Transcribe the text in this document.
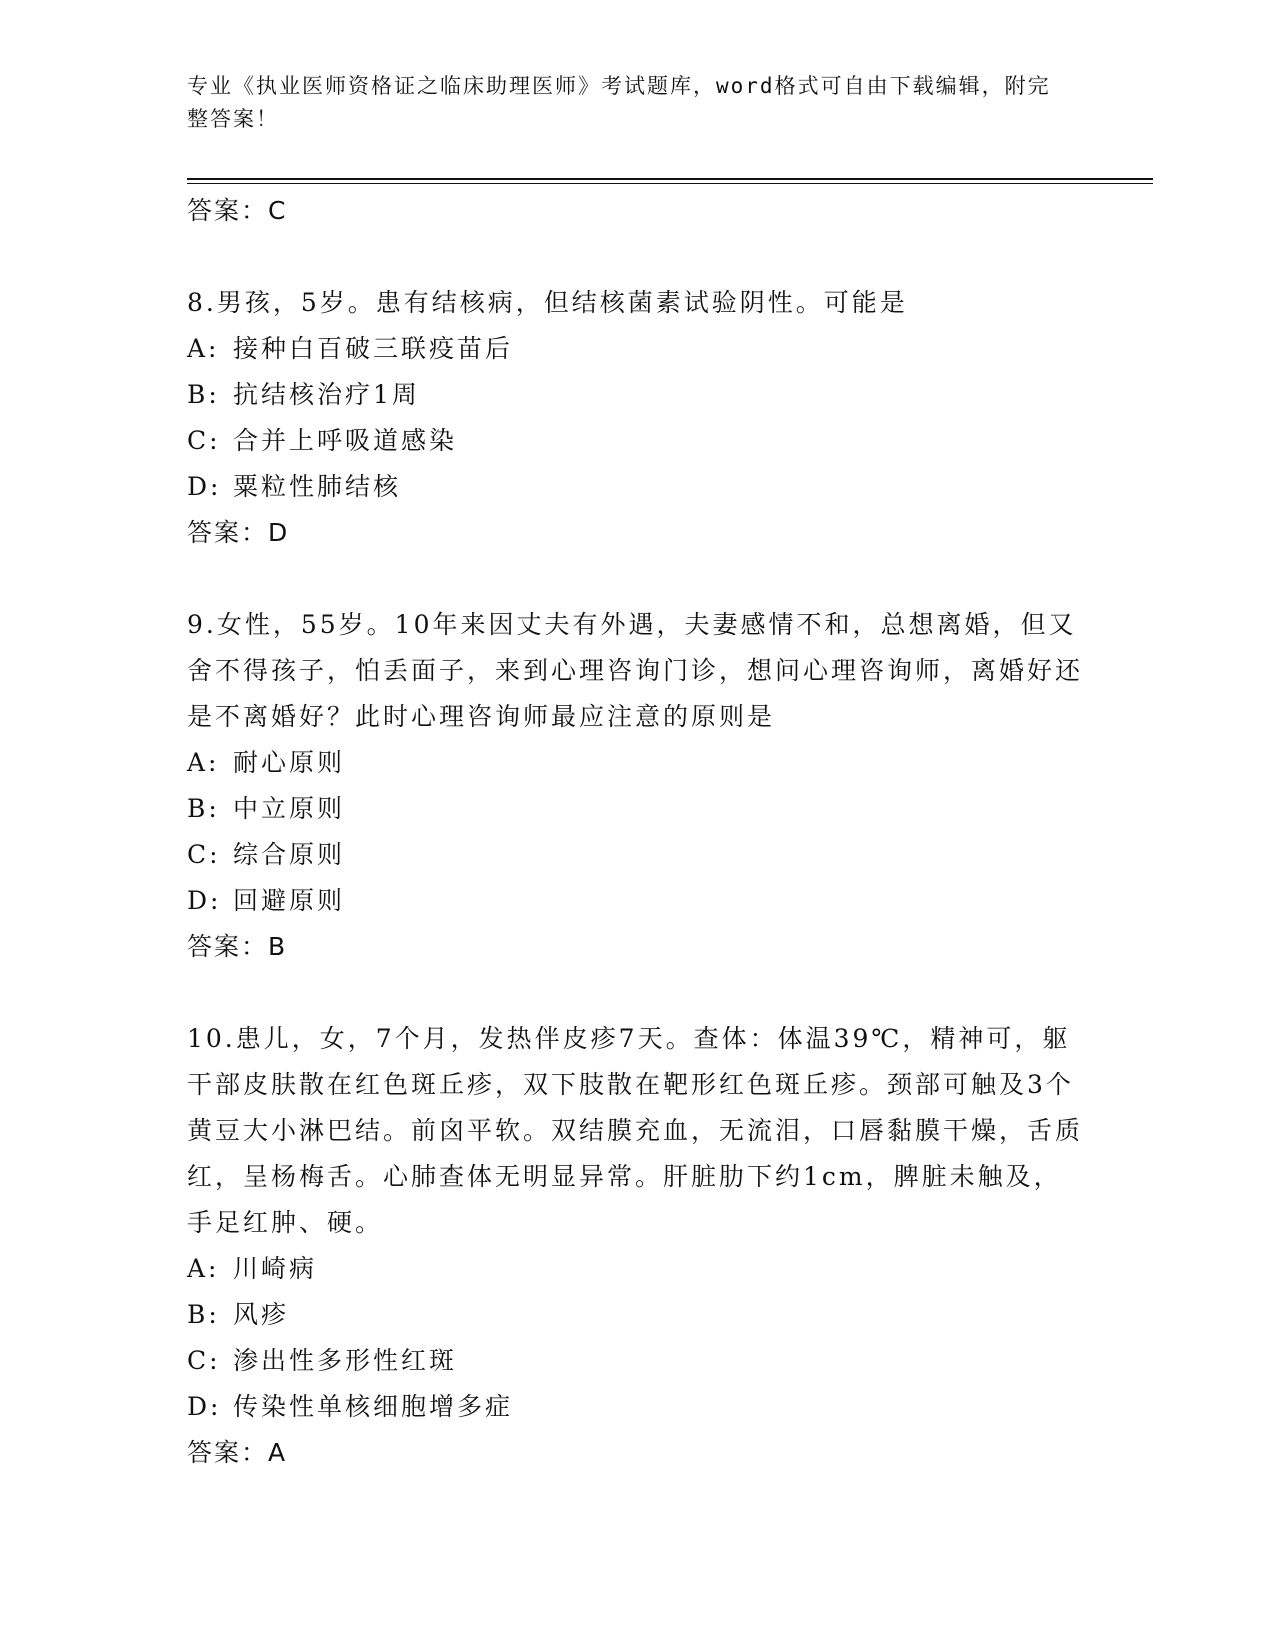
专业《执业医师资格证之临床助理医师》考试题库，word格式可自由下载编辑，附完整答案！
答案：C
8.男孩，5岁。患有结核病，但结核菌素试验阴性。可能是
A: 接种白百破三联疫苗后
B: 抗结核治疗1周
C: 合并上呼吸道感染
D: 粟粒性肺结核
答案：D
9.女性，55岁。10年来因丈夫有外遇，夫妻感情不和，总想离婚，但又舍不得孩子，怕丢面子，来到心理咨询门诊，想问心理咨询师，离婚好还是不离婚好？此时心理咨询师最应注意的原则是
A: 耐心原则
B: 中立原则
C: 综合原则
D: 回避原则
答案：B
10.患儿，女，7个月，发热伴皮疹7天。查体：体温39℃，精神可，躯干部皮肤散在红色斑丘疹，双下肢散在靶形红色斑丘疹。颈部可触及3个黄豆大小淋巴结。前囟平软。双结膜充血，无流泪，口唇黏膜干燥，舌质红，呈杨梅舌。心肺查体无明显异常。肝脏肋下约1cm，脾脏未触及，手足红肿、硬。
A: 川崎病
B: 风疹
C: 渗出性多形性红斑
D: 传染性单核细胞增多症
答案：A
